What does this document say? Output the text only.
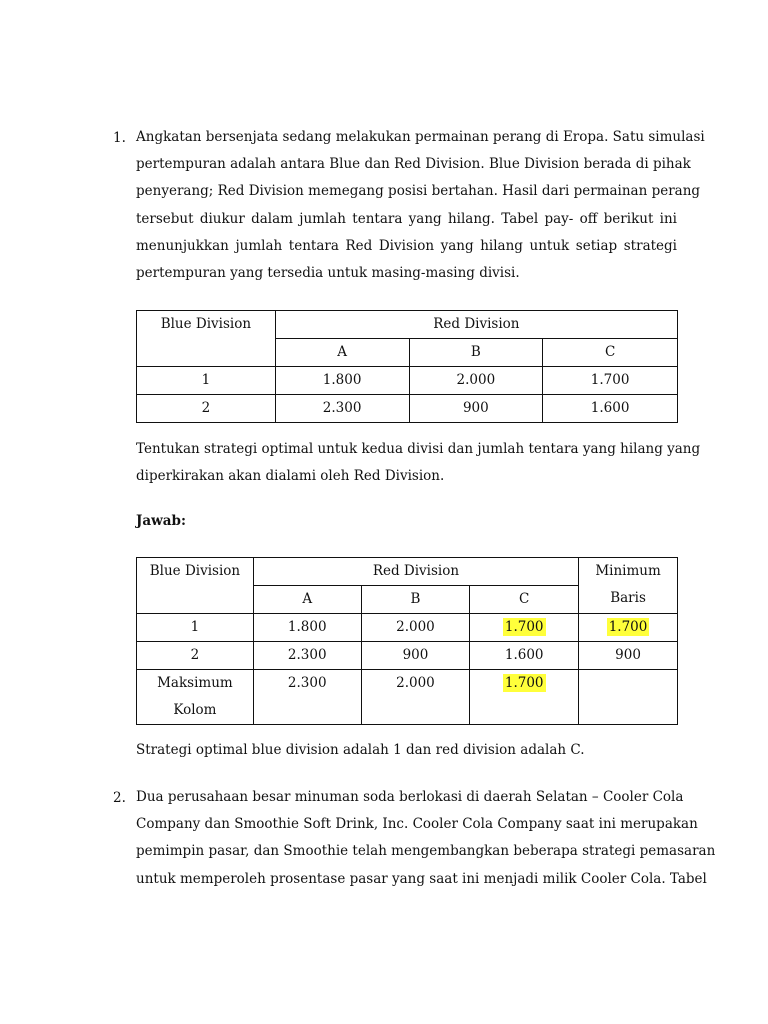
1. Angkatan bersenjata sedang melakukan permainan perang di Eropa. Satu simulasi
pertempuran adalah antara Blue dan Red Division. Blue Division berada di pihak
penyerang; Red Division memegang posisi bertahan. Hasil dari permainan perang
tersebut diukur dalam jumlah tentara yang hilang. Tabel pay- off berikut ini
menunjukkan jumlah tentara Red Division yang hilang untuk setiap strategi
pertempuran yang tersedia untuk masing-masing divisi.
Blue Division	Red Division		
	A	B	C
1	1.800	2.000	1.700
2	2.300	900	1.600
Tentukan strategi optimal untuk kedua divisi dan jumlah tentara yang hilang yang
diperkirakan akan dialami oleh Red Division.
Jawab:
Blue Division	Red Division			Minimum
Baris

	A	B	C	
1	1.800	2.000	1.700	1.700
2	2.300	900	1.600	900

Maksimum
Kolom	2.300	2.000	1.700	
Strategi optimal blue division adalah 1 dan red division adalah C.
2. Dua perusahaan besar minuman soda berlokasi di daerah Selatan – Cooler Cola
Company dan Smoothie Soft Drink, Inc. Cooler Cola Company saat ini merupakan
pemimpin pasar, dan Smoothie telah mengembangkan beberapa strategi pemasaran
untuk memperoleh prosentase pasar yang saat ini menjadi milik Cooler Cola. Tabel
